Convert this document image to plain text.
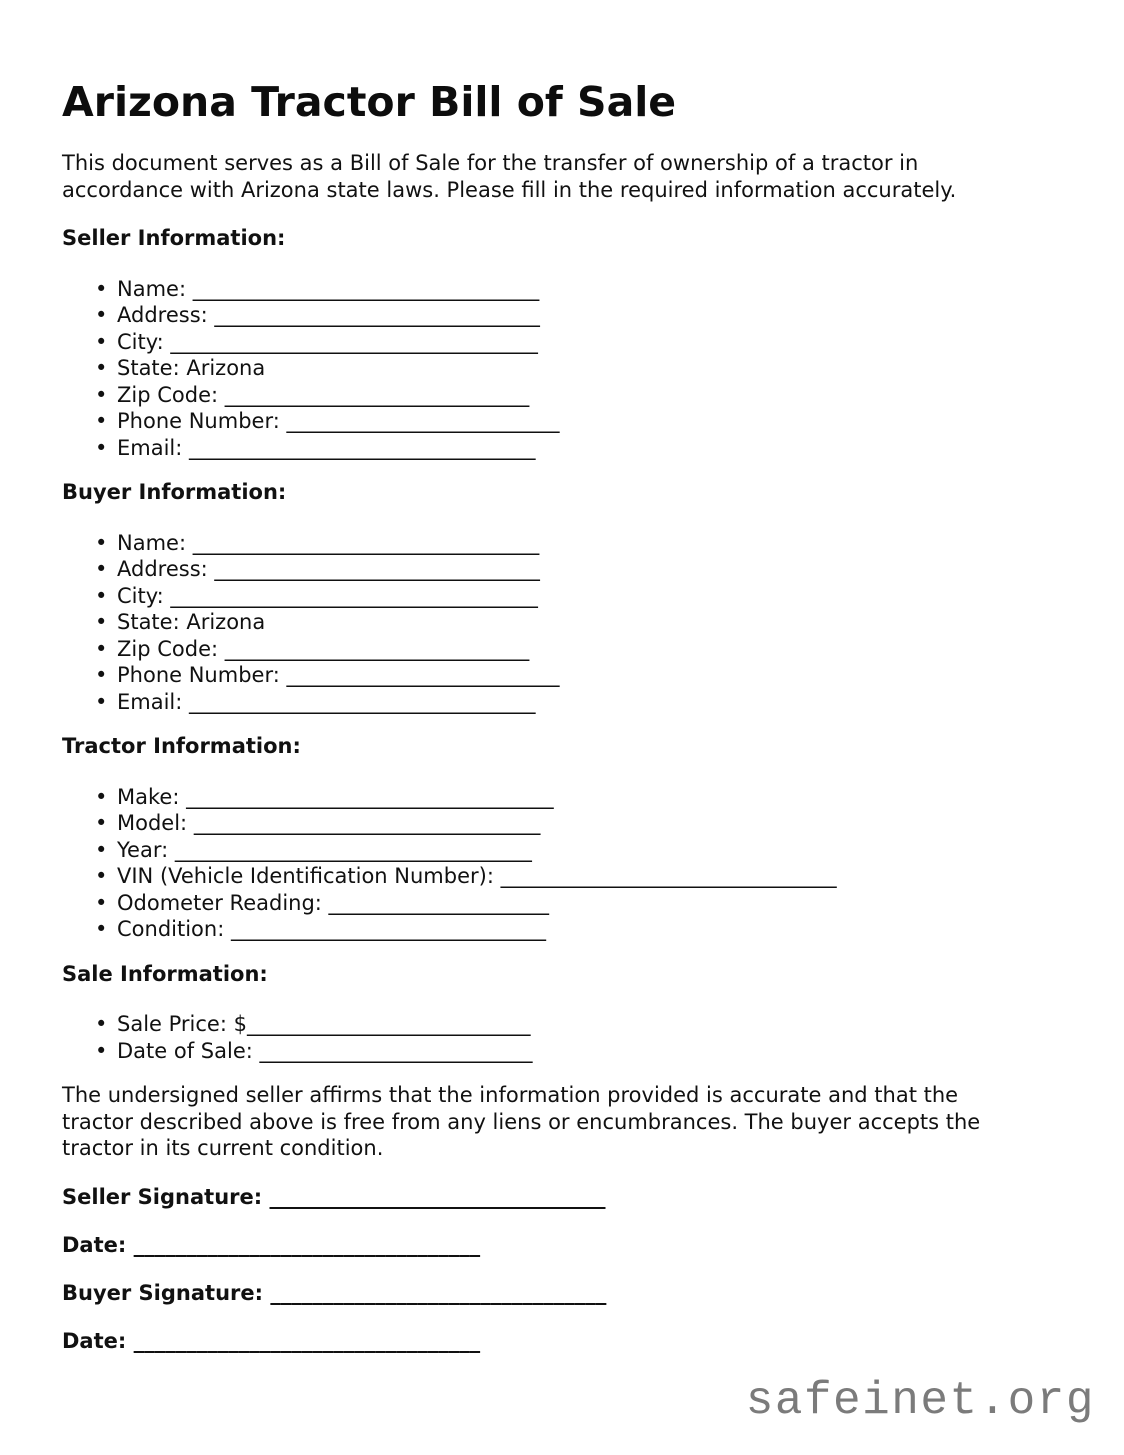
Arizona Tractor Bill of Sale
This document serves as a Bill of Sale for the transfer of ownership of a tractor in
accordance with Arizona state laws. Please fill in the required information accurately.
Seller Information:
• Name: _________________________________
• Address: _______________________________
• City: ___________________________________
• State: Arizona
• Zip Code: _____________________________
• Phone Number: __________________________
• Email: _________________________________
Buyer Information:
• Name: _________________________________
• Address: _______________________________
• City: ___________________________________
• State: Arizona
• Zip Code: _____________________________
• Phone Number: __________________________
• Email: _________________________________
Tractor Information:
• Make: ___________________________________
• Model: _________________________________
• Year: __________________________________
• VIN (Vehicle Identification Number): ________________________________
• Odometer Reading: _____________________
• Condition: ______________________________
Sale Information:
• Sale Price: $___________________________
• Date of Sale: __________________________
The undersigned seller affirms that the information provided is accurate and that the
tractor described above is free from any liens or encumbrances. The buyer accepts the
tractor in its current condition.
Seller Signature: ________________________________
Date: _________________________________
Buyer Signature: ________________________________
Date: _________________________________
safeinet.org
